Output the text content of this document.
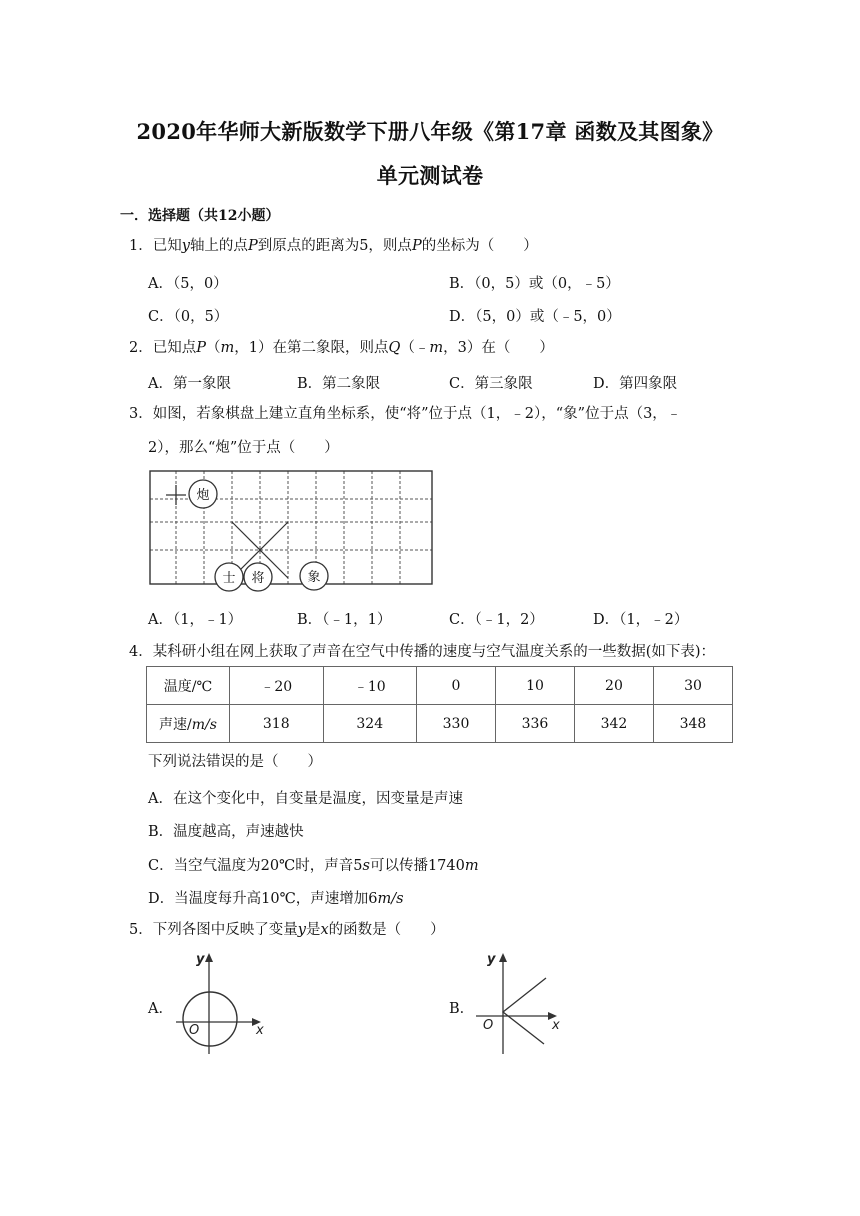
2020年华师大新版数学下册八年级《第17章 函数及其图象》
单元测试卷
一．选择题（共12小题）
1．已知y轴上的点P到原点的距离为5，则点P的坐标为（　　）
A．（5，0）	B．（0，5）或（0，﹣5）
C．（0，5）	D．（5，0）或（﹣5，0）
2．已知点P（m，1）在第二象限，则点Q（﹣m，3）在（　　）
A．第一象限	B．第二象限	C．第三象限	D．第四象限
3．如图，若象棋盘上建立直角坐标系，使“将”位于点（1，﹣2），“象”位于点（3，﹣
2），那么“炮”位于点（　　）
炮
士 将	象
A．（1，﹣1）	B．（﹣1，1）	C．（﹣1，2）	D．（1，﹣2）
4．某科研小组在网上获取了声音在空气中传播的速度与空气温度关系的一些数据(如下表)：
温度/℃	﹣20	﹣10	0	10	20	30
声速/m/s	318	324	330	336	342	348
下列说法错误的是（　　）
A．在这个变化中，自变量是温度，因变量是声速
B．温度越高，声速越快
C．当空气温度为20℃时，声音5s可以传播1740m
D．当温度每升高10℃，声速增加6m/s
5．下列各图中反映了变量y是x的函数是（　　）
A．
y
x
O
B．
y
x
O
